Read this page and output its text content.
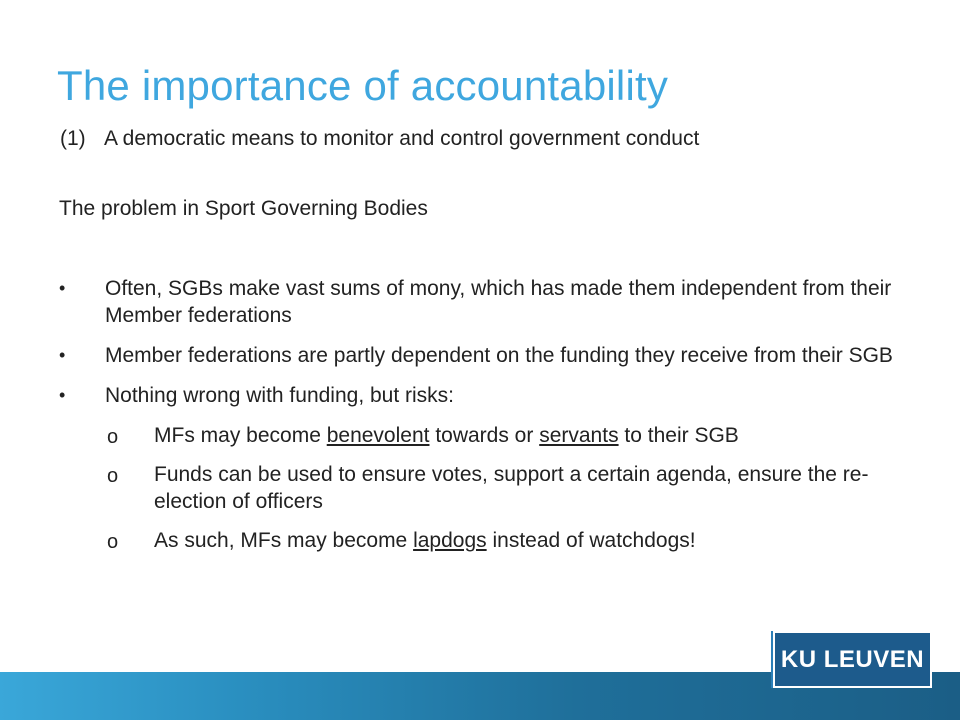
The importance of accountability
(1) A democratic means to monitor and control government conduct
The problem in Sport Governing Bodies
• Often, SGBs make vast sums of mony, which has made them independent from their Member federations
• Member federations are partly dependent on the funding they receive from their SGB
• Nothing wrong with funding, but risks:
o MFs may become benevolent towards or servants to their SGB
o Funds can be used to ensure votes, support a certain agenda, ensure the re-election of officers
o As such, MFs may become lapdogs instead of watchdogs!
KU LEUVEN
